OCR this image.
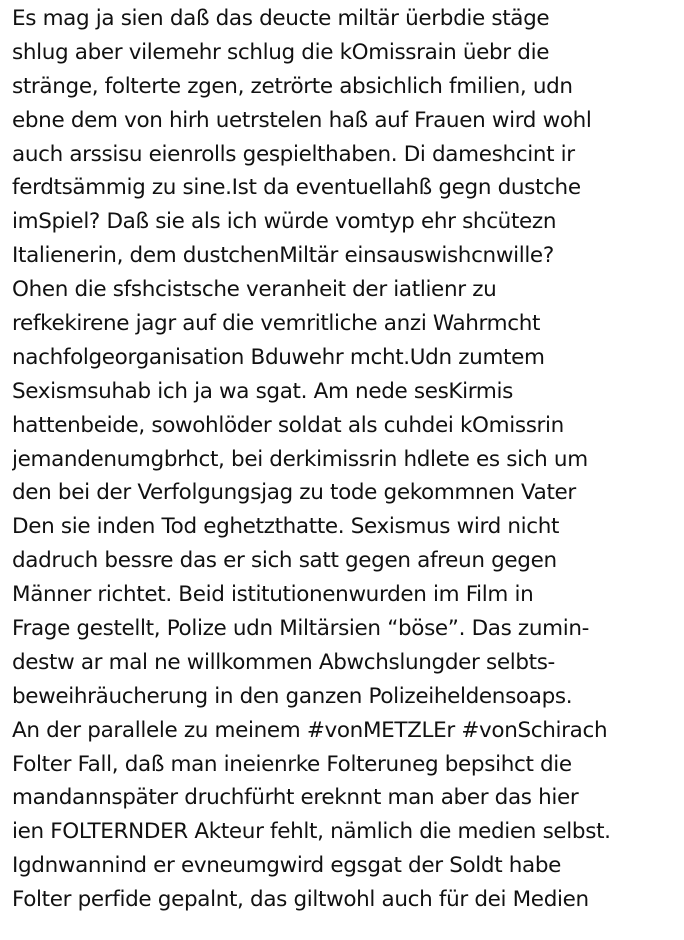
Es mag ja sien daß das deucte miltär üerbdie stäge
shlug aber vilemehr schlug die kOmissrain üebr die
stränge, folterte zgen, zetrörte absichlich fmilien, udn
ebne dem von hirh uetrstelen haß auf Frauen wird wohl
auch arssisu eienrolls gespielthaben. Di dameshcint ir
ferdtsämmig zu sine.Ist da eventuellahß gegn dustche
imSpiel? Daß sie als ich würde vomtyp ehr shcütezn
Italienerin, dem dustchenMiltär einsauswishcnwille?
Ohen die sfshcistsche veranheit der iatlienr zu
refkekirene jagr auf die vemritliche anzi Wahrmcht
nachfolgeorganisation Bduwehr mcht.Udn zumtem
Sexismsuhab ich ja wa sgat. Am nede sesKirmis
hattenbeide, sowohlöder soldat als cuhdei kOmissrin
jemandenumgbrhct, bei derkimissrin hdlete es sich um
den bei der Verfolgungsjag zu tode gekommnen Vater
Den sie inden Tod eghetzthatte. Sexismus wird nicht
dadruch bessre das er sich satt gegen afreun gegen
Männer richtet. Beid istitutionenwurden im Film in
Frage gestellt, Polize udn Miltärsien “böse”. Das zumin-
destw ar mal ne willkommen Abwchslungder selbts-
beweihräucherung in den ganzen Polizeiheldensoaps.
An der parallele zu meinem #vonMETZLEr #vonSchirach
Folter Fall, daß man ineienrke Folteruneg bepsihct die
mandannspäter druchfürht ereknnt man aber das hier
ien FOLTERNDER Akteur fehlt, nämlich die medien selbst.
Igdnwannind er evneumgwird egsgat der Soldt habe
Folter perfide gepalnt, das giltwohl auch für dei Medien
